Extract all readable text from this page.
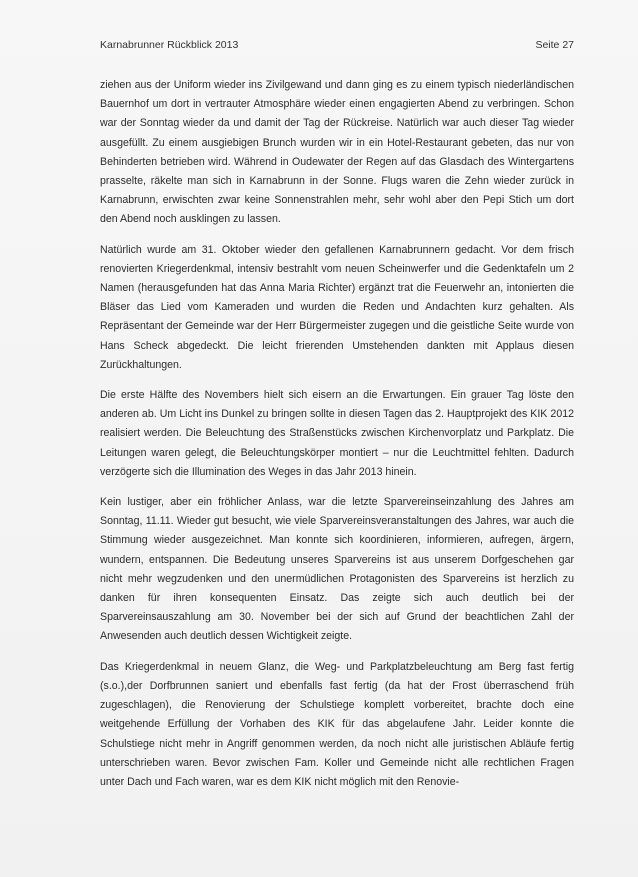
Karnabrunner Rückblick 2013	Seite 27

ziehen aus der Uniform wieder ins Zivilgewand und dann ging es zu einem typisch niederländischen Bauernhof um dort in vertrauter Atmosphäre wieder einen engagierten Abend zu verbringen. Schon war der Sonntag wieder da und damit der Tag der Rückreise. Natürlich war auch dieser Tag wieder ausgefüllt. Zu einem ausgiebigen Brunch wurden wir in ein Hotel-Restaurant gebeten, das nur von Behinderten betrieben wird. Während in Oudewater der Regen auf das Glasdach des Wintergartens prasselte, räkelte man sich in Karnabrunn in der Sonne. Flugs waren die Zehn wieder zurück in Karnabrunn, erwischten zwar keine Sonnenstrahlen mehr, sehr wohl aber den Pepi Stich um dort den Abend noch ausklingen zu lassen.

Natürlich wurde am 31. Oktober wieder den gefallenen Karnabrunnern gedacht. Vor dem frisch renovierten Kriegerdenkmal, intensiv bestrahlt vom neuen Scheinwerfer und die Gedenktafeln um 2 Namen (herausgefunden hat das Anna Maria Richter) ergänzt trat die Feuerwehr an, intonierten die Bläser das Lied vom Kameraden und wurden die Reden und Andachten kurz gehalten. Als Repräsentant der Gemeinde war der Herr Bürgermeister zugegen und die geistliche Seite wurde von Hans Scheck abgedeckt. Die leicht frierenden Umstehenden dankten mit Applaus diesen Zurückhaltungen.

Die erste Hälfte des Novembers hielt sich eisern an die Erwartungen. Ein grauer Tag löste den anderen ab. Um Licht ins Dunkel zu bringen sollte in diesen Tagen das 2. Hauptprojekt des KIK 2012 realisiert werden. Die Beleuchtung des Straßenstücks zwischen Kirchenvorplatz und Parkplatz. Die Leitungen waren gelegt, die Beleuchtungskörper montiert – nur die Leuchtmittel fehlten. Dadurch verzögerte sich die Illumination des Weges in das Jahr 2013 hinein.

Kein lustiger, aber ein fröhlicher Anlass, war die letzte Sparvereinseinzahlung des Jahres am Sonntag, 11.11. Wieder gut besucht, wie viele Sparvereinsveranstaltungen des Jahres, war auch die Stimmung wieder ausgezeichnet. Man konnte sich koordinieren, informieren, aufregen, ärgern, wundern, entspannen. Die Bedeutung unseres Sparvereins ist aus unserem Dorfgeschehen gar nicht mehr wegzudenken und den unermüdlichen Protagonisten des Sparvereins ist herzlich zu danken für ihren konsequenten Einsatz. Das zeigte sich auch deutlich bei der Sparvereinsauszahlung am 30. November bei der sich auf Grund der beachtlichen Zahl der Anwesenden auch deutlich dessen Wichtigkeit zeigte.

Das Kriegerdenkmal in neuem Glanz, die Weg- und Parkplatzbeleuchtung am Berg fast fertig (s.o.),der Dorfbrunnen saniert und ebenfalls fast fertig (da hat der Frost überraschend früh zugeschlagen), die Renovierung der Schulstiege komplett vorbereitet, brachte doch eine weitgehende Erfüllung der Vorhaben des KIK für das abgelaufene Jahr. Leider konnte die Schulstiege nicht mehr in Angriff genommen werden, da noch nicht alle juristischen Abläufe fertig unterschrieben waren. Bevor zwischen Fam. Koller und Gemeinde nicht alle rechtlichen Fragen unter Dach und Fach waren, war es dem KIK nicht möglich mit den Renovie-
